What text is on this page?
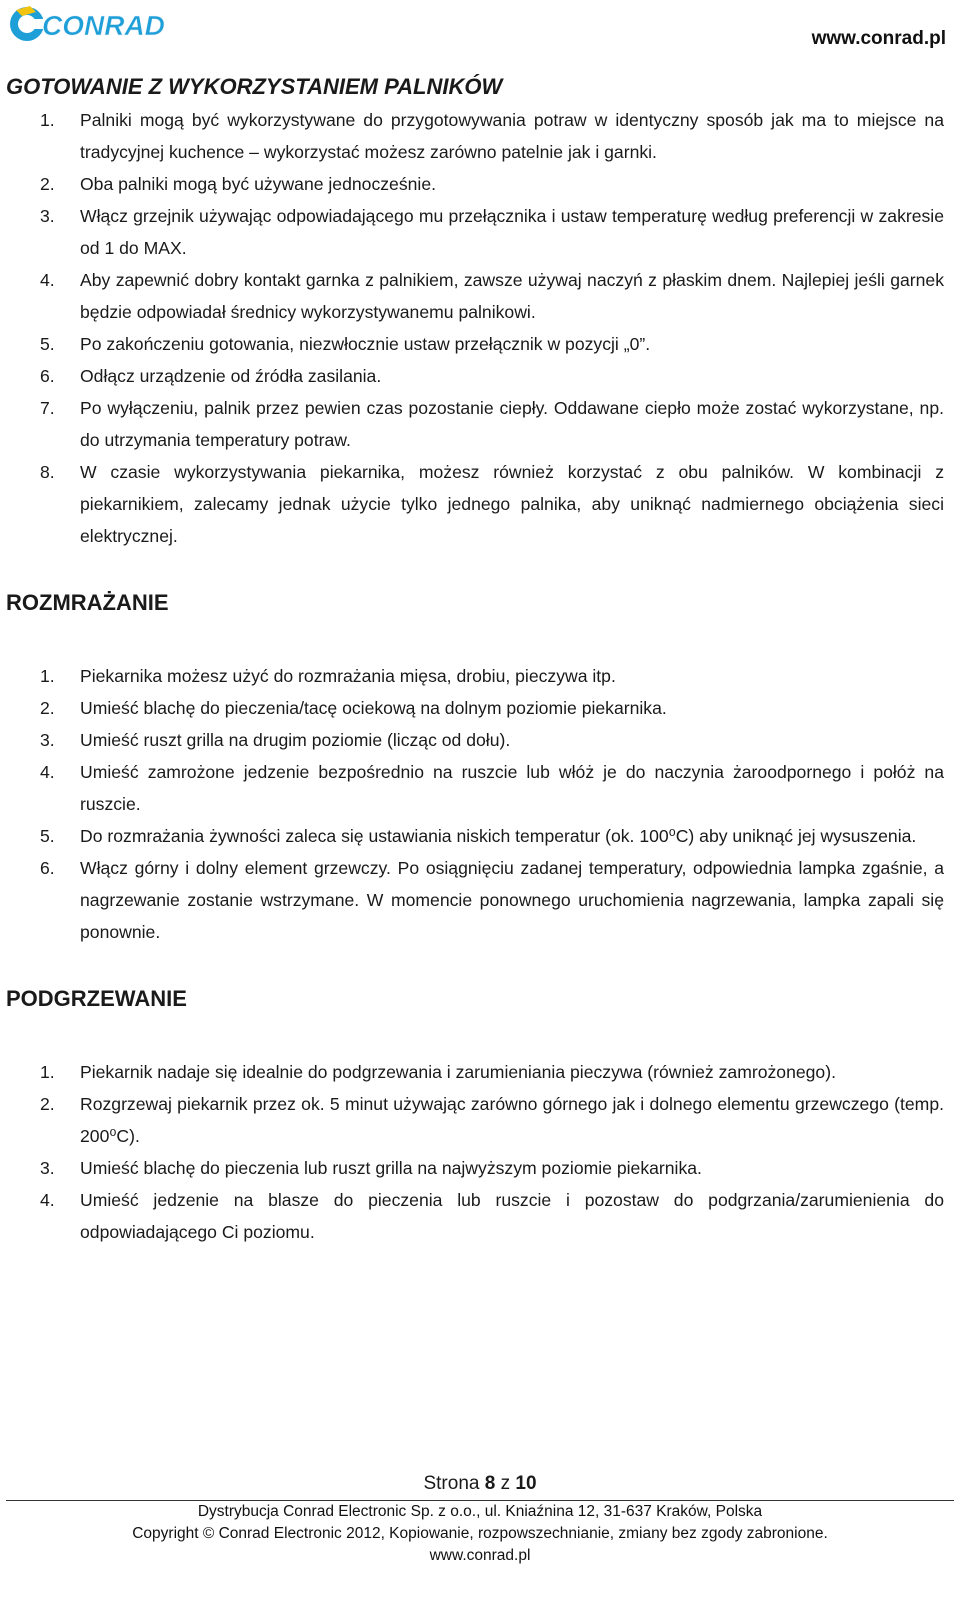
CONRAD	www.conrad.pl
GOTOWANIE Z WYKORZYSTANIEM PALNIKÓW
1. Palniki mogą być wykorzystywane do przygotowywania potraw w identyczny sposób jak ma to miejsce na tradycyjnej kuchence – wykorzystać możesz zarówno patelnie jak i garnki.
2. Oba palniki mogą być używane jednocześnie.
3. Włącz grzejnik używając odpowiadającego mu przełącznika i ustaw temperaturę według preferencji w zakresie od 1 do MAX.
4. Aby zapewnić dobry kontakt garnka z palnikiem, zawsze używaj naczyń z płaskim dnem. Najlepiej jeśli garnek będzie odpowiadał średnicy wykorzystywanemu palnikowi.
5. Po zakończeniu gotowania, niezwłocznie ustaw przełącznik w pozycji „0”.
6. Odłącz urządzenie od źródła zasilania.
7. Po wyłączeniu, palnik przez pewien czas pozostanie ciepły. Oddawane ciepło może zostać wykorzystane, np. do utrzymania temperatury potraw.
8. W czasie wykorzystywania piekarnika, możesz również korzystać z obu palników. W kombinacji z piekarnikiem, zalecamy jednak użycie tylko jednego palnika, aby uniknąć nadmiernego obciążenia sieci elektrycznej.
ROZMRAŻANIE
1. Piekarnika możesz użyć do rozmrażania mięsa, drobiu, pieczywa itp.
2. Umieść blachę do pieczenia/tacę ociekową na dolnym poziomie piekarnika.
3. Umieść ruszt grilla na drugim poziomie (licząc od dołu).
4. Umieść zamrożone jedzenie bezpośrednio na ruszcie lub włóż je do naczynia żaroodpornego i połóż na ruszcie.
5. Do rozmrażania żywności zaleca się ustawiania niskich temperatur (ok. 100⁰C) aby uniknąć jej wysuszenia.
6. Włącz górny i dolny element grzewczy. Po osiągnięciu zadanej temperatury, odpowiednia lampka zgaśnie, a nagrzewanie zostanie wstrzymane. W momencie ponownego uruchomienia nagrzewania, lampka zapali się ponownie.
PODGRZEWANIE
1. Piekarnik nadaje się idealnie do podgrzewania i zarumieniania pieczywa (również zamrożonego).
2. Rozgrzewaj piekarnik przez ok. 5 minut używając zarówno górnego jak i dolnego elementu grzewczego (temp. 200⁰C).
3. Umieść blachę do pieczenia lub ruszt grilla na najwyższym poziomie piekarnika.
4. Umieść jedzenie na blasze do pieczenia lub ruszcie i pozostaw do podgrzania/zarumienienia do odpowiadającego Ci poziomu.
Strona 8 z 10
Dystrybucja Conrad Electronic Sp. z o.o., ul. Kniaźnina 12, 31-637 Kraków, Polska
Copyright © Conrad Electronic 2012, Kopiowanie, rozpowszechnianie, zmiany bez zgody zabronione.
www.conrad.pl
